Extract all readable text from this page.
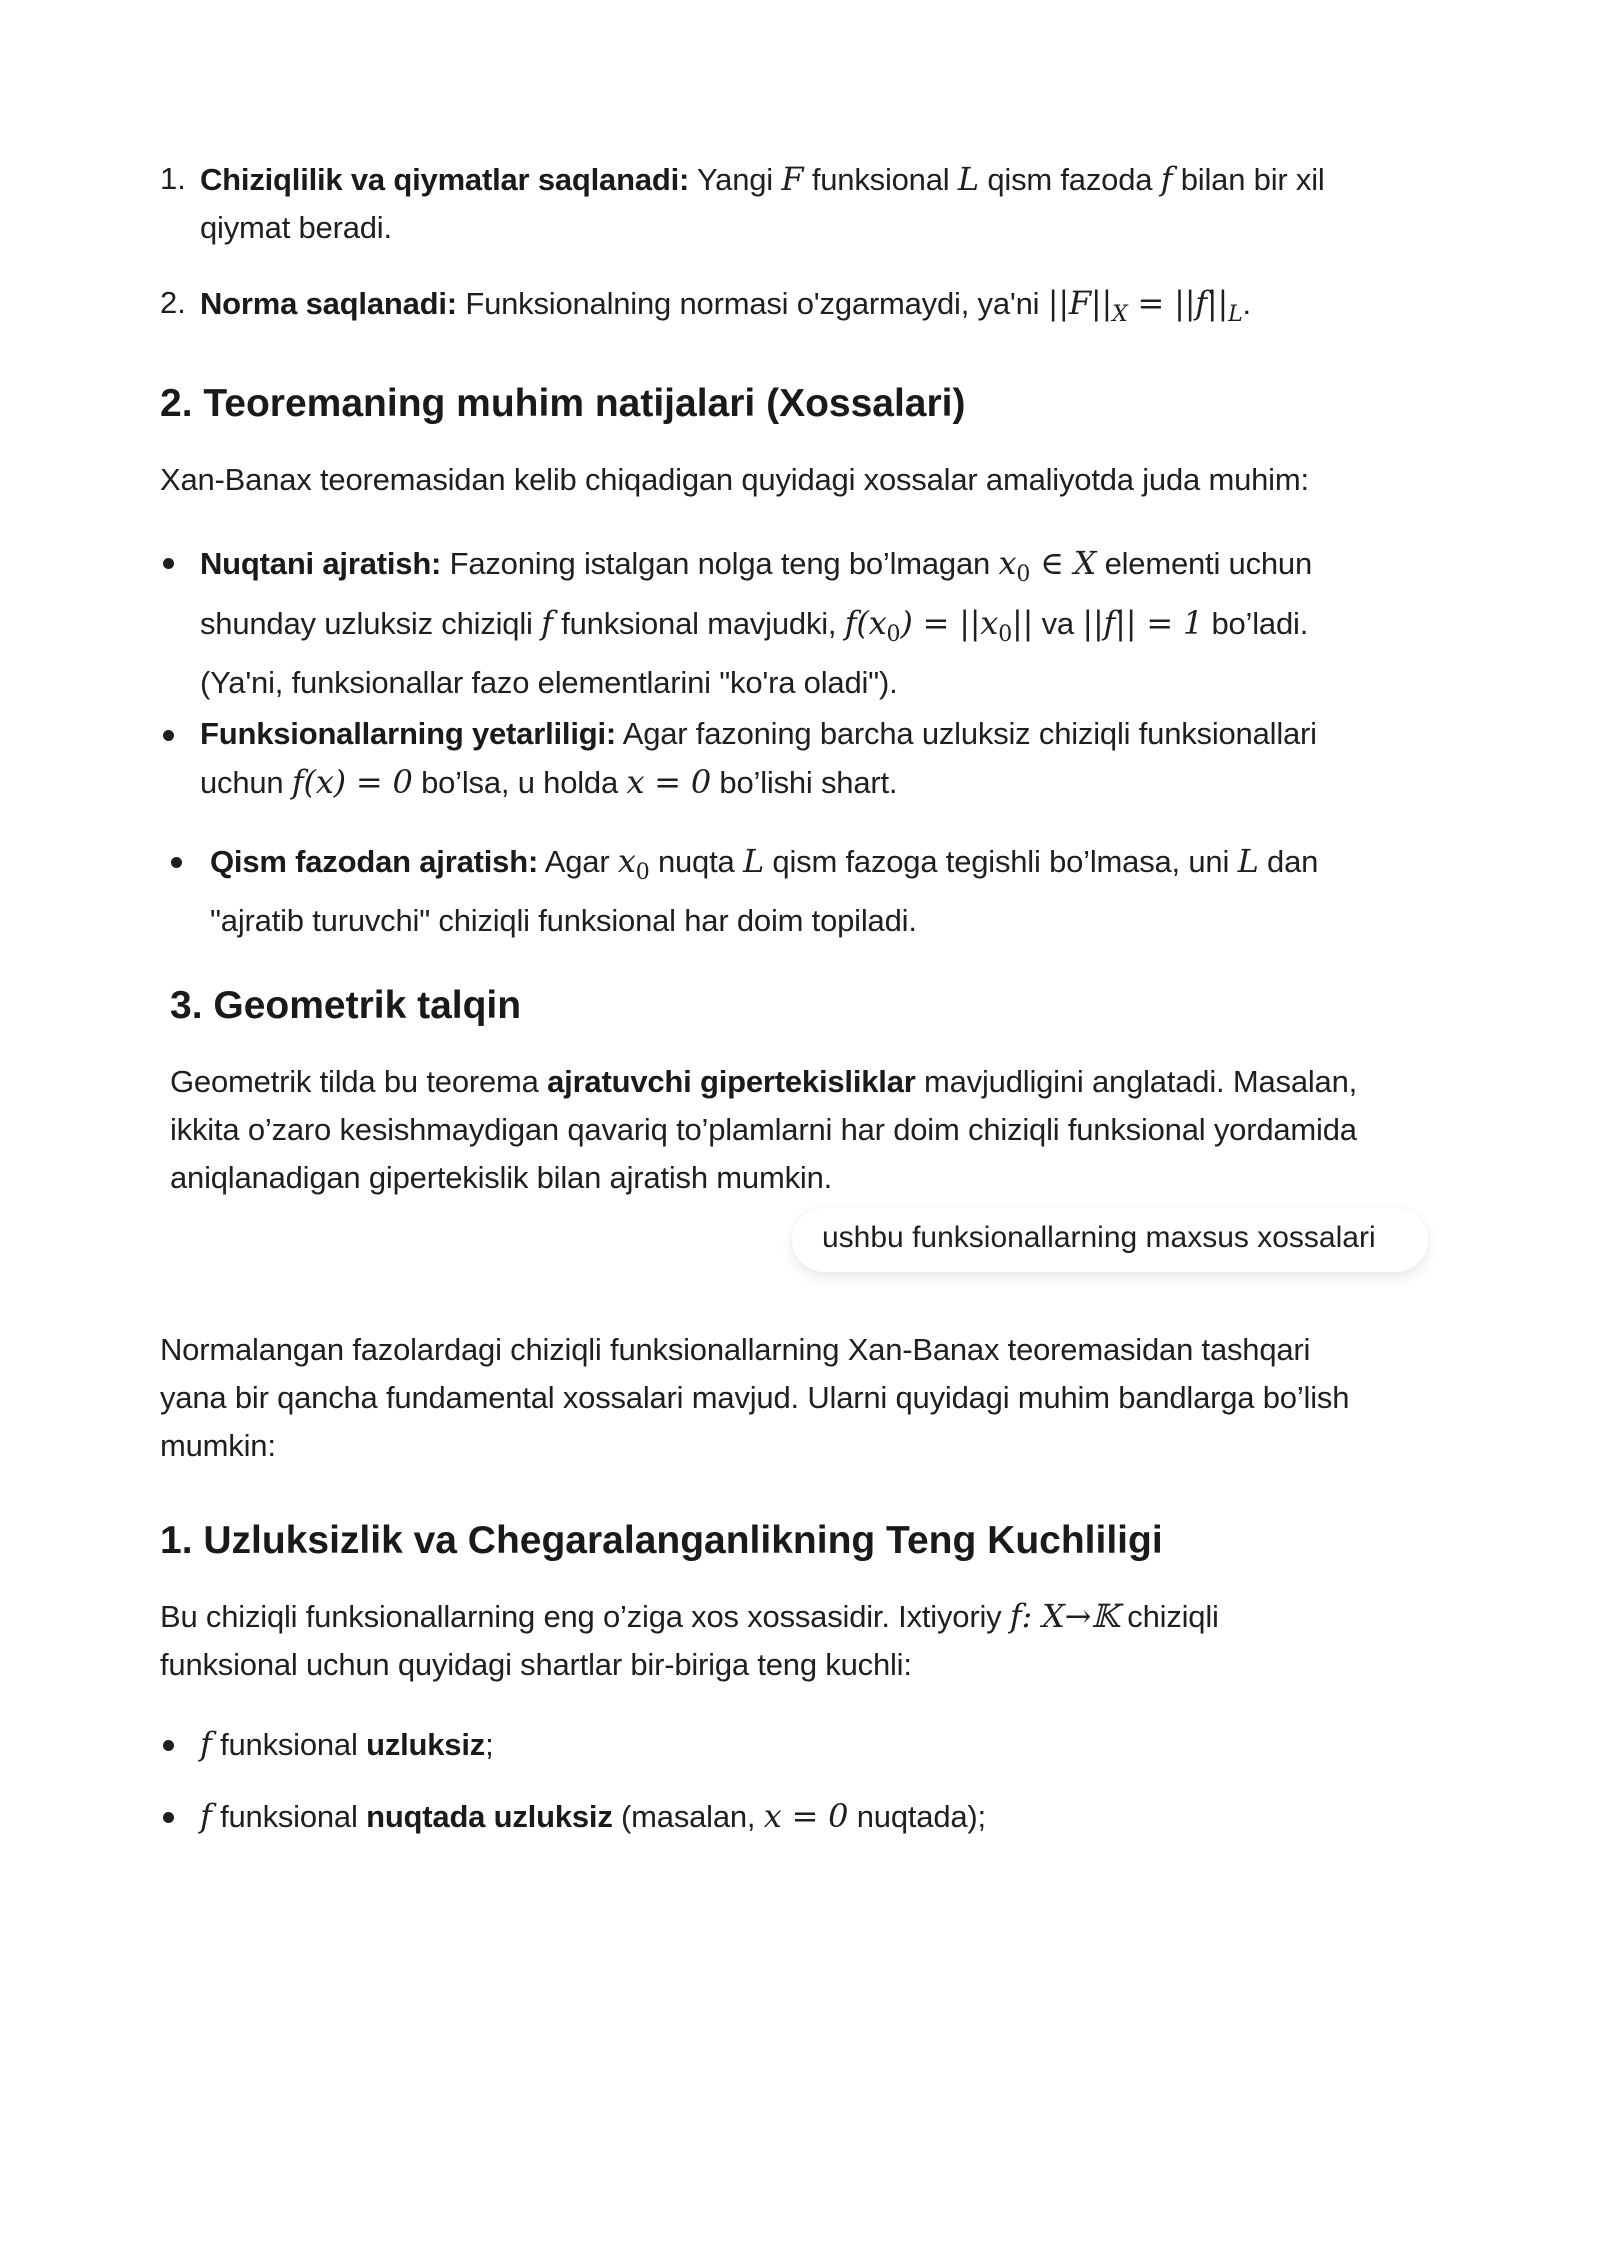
1. Chiziqlilik va qiymatlar saqlanadi: Yangi F funksional L qism fazoda f bilan bir xil
qiymat beradi.
2. Norma saqlanadi: Funksionalning normasi o'zgarmaydi, ya'ni $||F||_X = ||f||_L$.
2. Teoremaning muhim natijalari (Xossalari)
Xan-Banax teoremasidan kelib chiqadigan quyidagi xossalar amaliyotda juda muhim:
Nuqtani ajratish: Fazoning istalgan nolga teng bo’lmagan $x_0$ ∈ X elementi uchun
shunday uzluksiz chiziqli f funksional mavjudki, $f(x_0) = ||x_0||$ va ||f|| = 1 bo’ladi.
(Ya'ni, funksionallar fazo elementlarini "ko'ra oladi").
Funksionallarning yetarliligi: Agar fazoning barcha uzluksiz chiziqli funksionallari
uchun f(x) = 0 bo’lsa, u holda x = 0 bo’lishi shart.
Qism fazodan ajratish: Agar $x_0$ nuqta L qism fazoga tegishli bo’lmasa, uni L dan
"ajratib turuvchi" chiziqli funksional har doim topiladi.
3. Geometrik talqin
Geometrik tilda bu teorema ajratuvchi gipertekisliklar mavjudligini anglatadi. Masalan,
ikkita o’zaro kesishmaydigan qavariq to’plamlarni har doim chiziqli funksional yordamida
aniqlanadigan gipertekislik bilan ajratish mumkin.
ushbu funksionallarning maxsus xossalari
Normalangan fazolardagi chiziqli funksionallarning Xan-Banax teoremasidan tashqari
yana bir qancha fundamental xossalari mavjud. Ularni quyidagi muhim bandlarga bo’lish
mumkin:
1. Uzluksizlik va Chegaralanganlikning Teng Kuchliligi
Bu chiziqli funksionallarning eng o’ziga xos xossasidir. Ixtiyoriy f: X→𝕂 chiziqli
funksional uchun quyidagi shartlar bir-biriga teng kuchli:
f funksional uzluksiz;
f funksional nuqtada uzluksiz (masalan, x = 0 nuqtada);
